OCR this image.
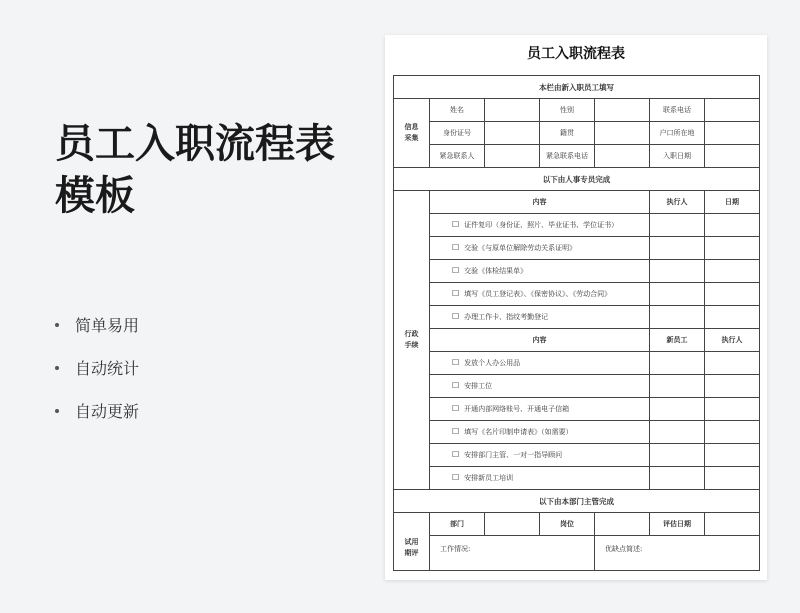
员工入职流程表
模板
简单易用
自动统计
自动更新
员工入职流程表
本栏由新入职员工填写						
信息采集	姓名		性别		联系电话	
	身份证号		籍贯		户口所在地	
	紧急联系人		紧急联系电话		入职日期	
以下由人事专员完成						
行政手续	内容				执行人	日期
	☐ 证件复印（身份证、照片、毕业证书、学位证书）		
	☐ 交验《与原单位解除劳动关系证明》		
	☐ 交验《体检结果单》		
	☐ 填写《员工登记表》、《保密协议》、《劳动合同》		
	☐ 办理工作卡、指纹考勤登记		
	内容				新员工	执行人
	☐ 发放个人办公用品		
	☐ 安排工位		
	☐ 开通内部网络账号、开通电子信箱		
	☐ 填写《名片印制申请表》（如需要）		
	☐ 安排部门主管、一对一指导顾问		
	☐ 安排新员工培训		
以下由本部门主管完成						
试用期评	部门		岗位		评估日期	
	工作情况:			优缺点简述:		
